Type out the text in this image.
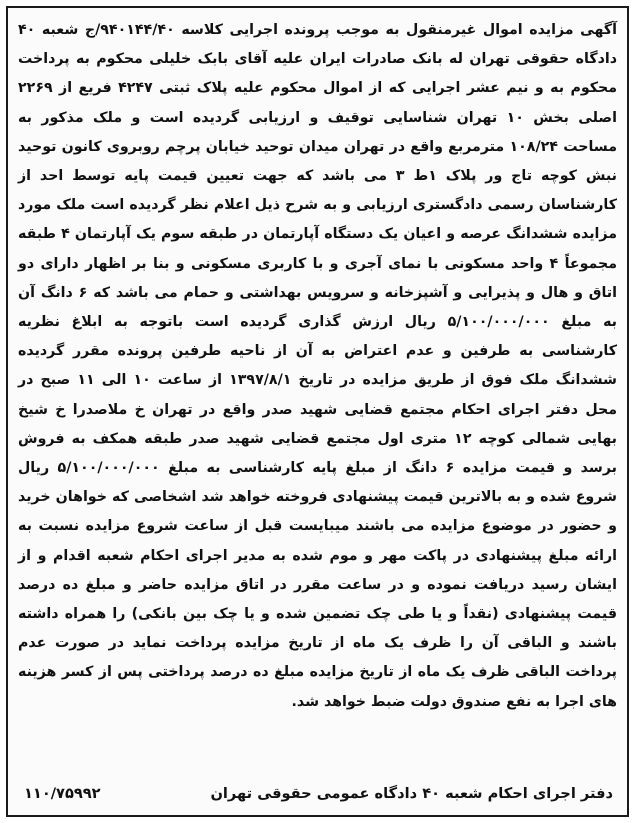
آگهی مزایده اموال غیرمنقول به موجب پرونده اجرایی کلاسه ۹۴۰۱۴۴/۴۰/ج شعبه ۴۰ دادگاه حقوقی تهران له بانک صادرات ایران علیه آقای بابک خلیلی محکوم به پرداخت محکوم به و نیم عشر اجرایی که از اموال محکوم علیه پلاک ثبتی ۴۲۴۷ فریع از ۲۲۶۹ اصلی بخش ۱۰ تهران شناسایی توقیف و ارزیابی گردیده است و ملک مذکور به مساحت ۱۰۸/۲۴ مترمربع واقع در تهران میدان توحید خیابان پرچم روبروی کانون توحید نبش کوچه تاج ور پلاک ۱ط ۳ می باشد که جهت تعیین قیمت پایه توسط احد از کارشناسان رسمی دادگستری ارزیابی و به شرح ذیل اعلام نظر گردیده است ملک مورد مزایده ششدانگ عرصه و اعیان یک دستگاه آپارتمان در طبقه سوم یک آپارتمان ۴ طبقه مجموعاً ۴ واحد مسکونی با نمای آجری و با کاربری مسکونی و بنا بر اظهار دارای دو اتاق و هال و پذیرایی و آشپزخانه و سرویس بهداشتی و حمام می باشد که ۶ دانگ آن به مبلغ ۵/۱۰۰/۰۰۰/۰۰۰ ریال ارزش گذاری گردیده است باتوجه به ابلاغ نظریه کارشناسی به طرفین و عدم اعتراض به آن از ناحیه طرفین پرونده مقرر گردیده ششدانگ ملک فوق از طریق مزایده در تاریخ ۱۳۹۷/۸/۱ از ساعت ۱۰ الی ۱۱ صبح در محل دفتر اجرای احکام مجتمع قضایی شهید صدر واقع در تهران خ ملاصدرا خ شیخ بهایی شمالی کوچه ۱۲ متری اول مجتمع قضایی شهید صدر طبقه همکف به فروش برسد و قیمت مزایده ۶ دانگ از مبلغ پایه کارشناسی به مبلغ ۵/۱۰۰/۰۰۰/۰۰۰ ریال شروع شده و به بالاترین قیمت پیشنهادی فروخته خواهد شد اشخاصی که خواهان خرید و حضور در موضوع مزایده می باشند میبایست قبل از ساعت شروع مزایده نسبت به ارائه مبلغ پیشنهادی در پاکت مهر و موم شده به مدیر اجرای احکام شعبه اقدام و از ایشان رسید دریافت نموده و در ساعت مقرر در اتاق مزایده حاضر و مبلغ ده درصد قیمت پیشنهادی (نقداً و یا طی چک تضمین شده و یا چک بین بانکی) را همراه داشته باشند و الباقی آن را ظرف یک ماه از تاریخ مزایده پرداخت نماید در صورت عدم پرداخت الباقی ظرف یک ماه از تاریخ مزایده مبلغ ده درصد پرداختی پس از کسر هزینه های اجرا به نفع صندوق دولت ضبط خواهد شد.

دفتر اجرای احکام شعبه ۴۰ دادگاه عمومی حقوقی تهران
۱۱۰/۷۵۹۹۲
